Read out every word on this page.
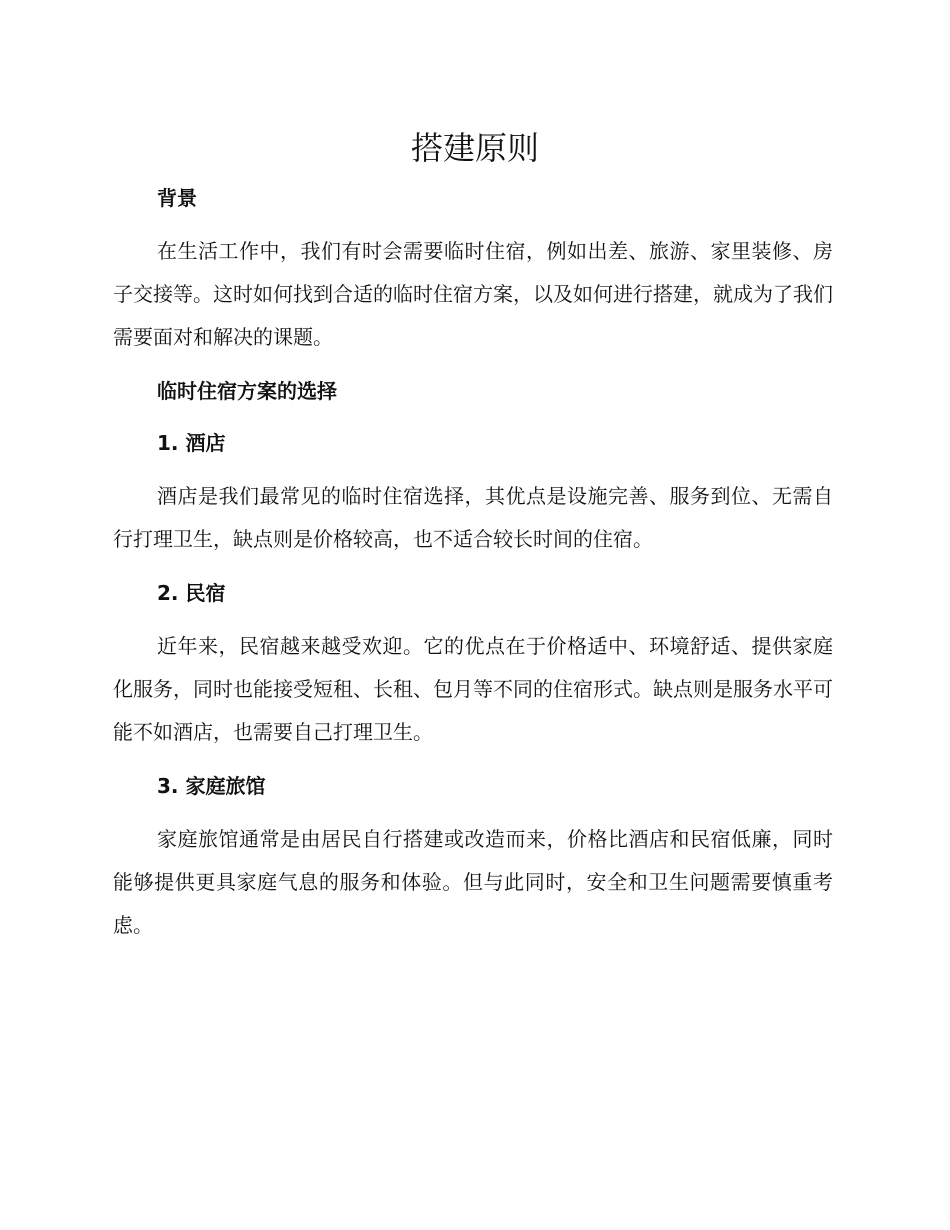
搭建原则
背景

在生活工作中，我们有时会需要临时住宿，例如出差、旅游、家里装修、房子交接等。这时如何找到合适的临时住宿方案，以及如何进行搭建，就成为了我们需要面对和解决的课题。

临时住宿方案的选择
1. 酒店

酒店是我们最常见的临时住宿选择，其优点是设施完善、服务到位、无需自行打理卫生，缺点则是价格较高，也不适合较长时间的住宿。

2. 民宿

近年来，民宿越来越受欢迎。它的优点在于价格适中、环境舒适、提供家庭化服务，同时也能接受短租、长租、包月等不同的住宿形式。缺点则是服务水平可能不如酒店，也需要自己打理卫生。

3. 家庭旅馆

家庭旅馆通常是由居民自行搭建或改造而来，价格比酒店和民宿低廉，同时能够提供更具家庭气息的服务和体验。但与此同时，安全和卫生问题需要慎重考虑。
